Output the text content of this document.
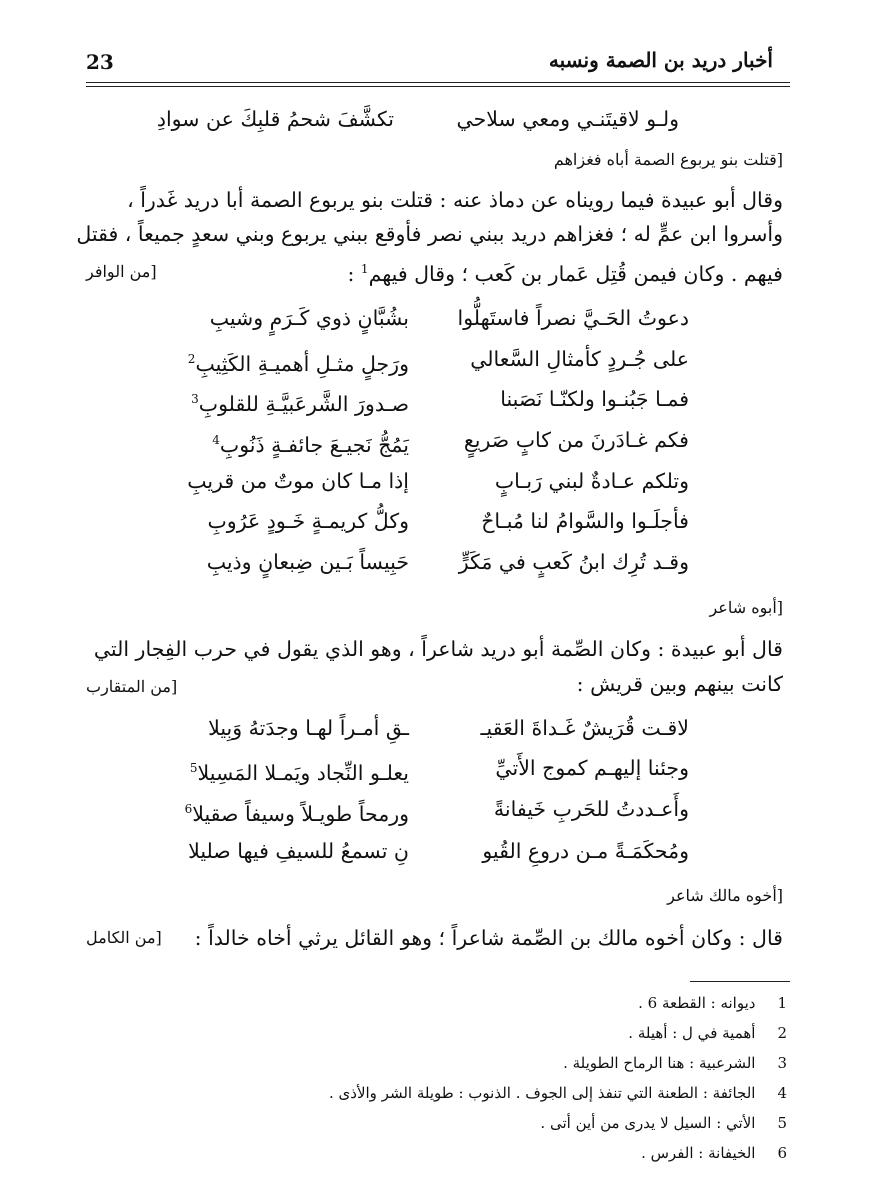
23	أخبار دريد بن الصمة ونسبه
ولـو لاقيتَنـي ومعي سلاحي
تكشَّفَ شحمُ قلبِكَ عن سوادِ
[قتلت بنو يربوع الصمة أباه فغزاهم
وقال أبو عبيدة فيما رويناه عن دماذ عنه : قتلت بنو يربوع الصمة أبا دريد غَدراً ،
وأسروا ابن عمٍّ له ؛ فغزاهم دريد ببني نصر فأوقع ببني يربوع وبني سعدٍ جميعاً ، فقتل
فيهم . وكان فيمن قُتِل عَمار بن كَعب ؛ وقال فيهم$^1$ :
[من الوافر
دعوتُ الحَـيَّ نصراً فاستَهلُّوا
بشُبَّانٍ ذوي كَـرَمٍ وشيبِ
على جُـردٍ كأمثالِ السَّعالي
ورَجلٍ مثـلِ أهميـةِ الكَثِيبِ$^2$
فمـا جَبُنـوا ولكنّـا نَصَبنا
صـدورَ الشَّرعَبيَّـةِ للقلوبِ$^3$
فكم غـادَرنَ من كابٍ صَريعٍ
يَمُجُّ نَجيـعَ جائفـةٍ ذَنُوبِ$^4$
وتلكم عـادةٌ لبني رَبـابٍ
إذا مـا كان موتٌ من قريبِ
فأجلَـوا والسَّوامُ لنا مُبـاحٌ
وكلُّ كريمـةٍ خَـودٍ عَرُوبِ
وقـد تُرِك ابنُ كَعبٍ في مَكَرٍّ
حَبِيساً بَـين ضِبعانٍ وذيبِ
[أبوه شاعر
قال أبو عبيدة : وكان الصِّمة أبو دريد شاعراً ، وهو الذي يقول في حرب الفِجار التي
كانت بينهم وبين قريش :
[من المتقارب
لاقـت قُرَيشٌ غَـداةَ العَقيـ
ـقِ أمـراً لهـا وجدَتهُ وَبِيلا
وجئنا إليهـم كموج الأَتيِّ
يعلـو النِّجاد ويَمـلا المَسِيلا$^5$
وأَعـددتُ للحَربِ خَيفانةً
ورمحاً طويـلاً وسيفاً صقيلا$^6$
ومُحكَمَـةً مـن دروعِ القُيو
نِ تسمعُ للسيفِ فيها صليلا
[أخوه مالك شاعر
قال : وكان أخوه مالك بن الصِّمة شاعراً ؛ وهو القائل يرثي أخاه خالداً :
[من الكامل
1  ديوانه : القطعة 6 .
2  أهمية في ل : أهيلة .
3  الشرعبية : هنا الرماح الطويلة .
4  الجائفة : الطعنة التي تنفذ إلى الجوف . الذنوب : طويلة الشر والأذى .
5  الأتي : السيل لا يدرى من أين أتى .
6  الخيفانة : الفرس .
